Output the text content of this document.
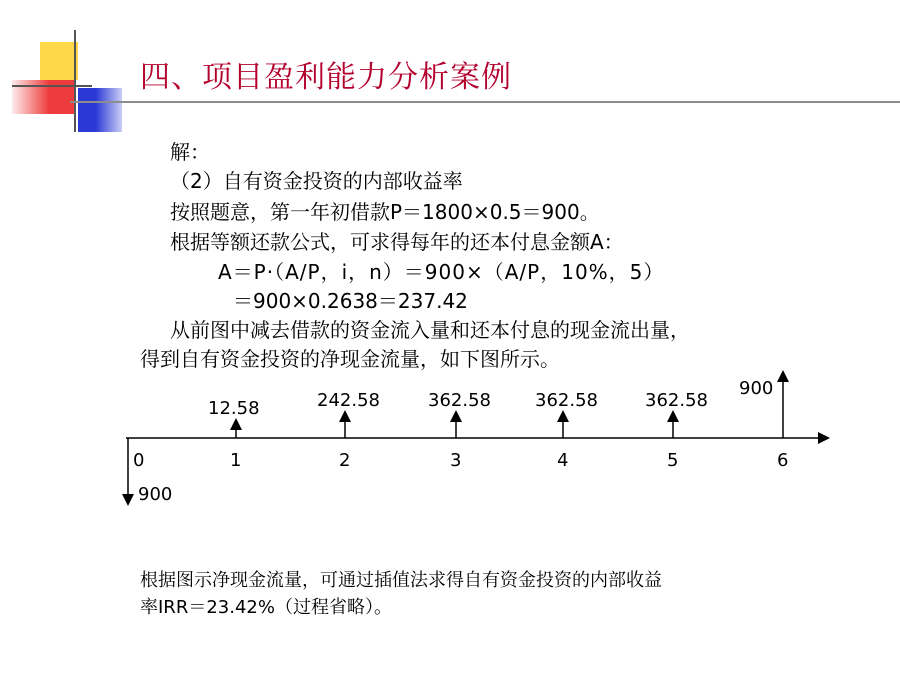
四、项目盈利能力分析案例
解：
（2）自有资金投资的内部收益率
按照题意，第一年初借款P＝1800×0.5＝900。
根据等额还款公式，可求得每年的还本付息金额A：
A＝P·（A/P，i，n）＝900×（A/P，10%，5）
＝900×0.2638＝237.42
从前图中减去借款的资金流入量和还本付息的现金流出量，
得到自有资金投资的净现金流量，如下图所示。
900
12.58	242.58	362.58 362.58	362.58
900
0	1	2	3	4	5	6
根据图示净现金流量，可通过插值法求得自有资金投资的内部收益
率IRR＝23.42%（过程省略）。
